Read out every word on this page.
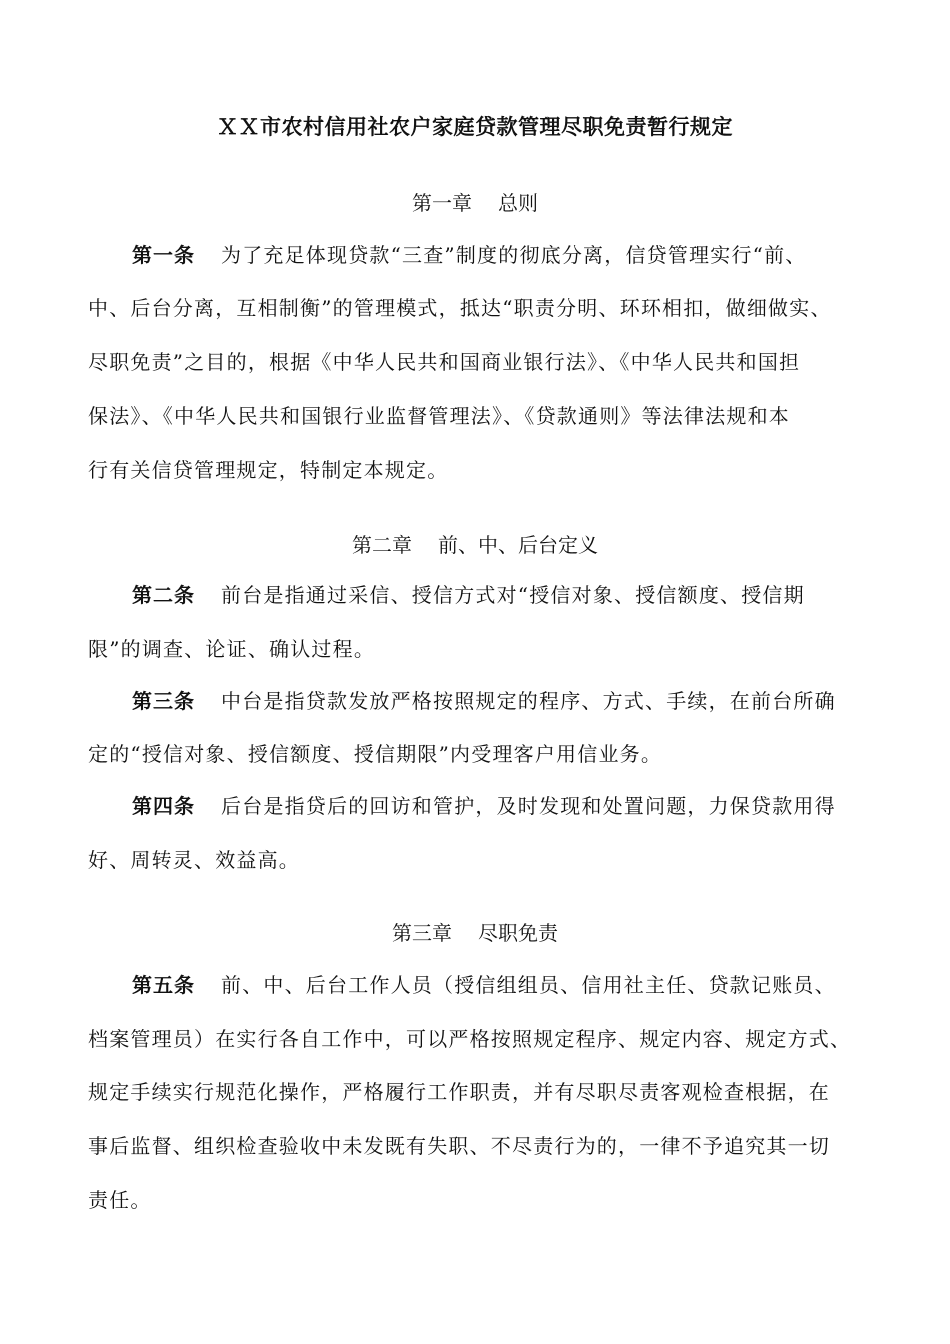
ＸＸ市农村信用社农户家庭贷款管理尽职免责暂行规定
第一章 总则
第一条 为了充足体现贷款“三查”制度的彻底分离，信贷管理实行“前、
中、后台分离，互相制衡”的管理模式，抵达“职责分明、环环相扣，做细做实、
尽职免责”之目的，根据《中华人民共和国商业银行法》、《中华人民共和国担
保法》、《中华人民共和国银行业监督管理法》、《贷款通则》等法律法规和本
行有关信贷管理规定，特制定本规定。
第二章 前、中、后台定义
第二条 前台是指通过采信、授信方式对“授信对象、授信额度、授信期
限”的调查、论证、确认过程。
第三条 中台是指贷款发放严格按照规定的程序、方式、手续，在前台所确
定的“授信对象、授信额度、授信期限”内受理客户用信业务。
第四条 后台是指贷后的回访和管护，及时发现和处置问题，力保贷款用得
好、周转灵、效益高。
第三章 尽职免责
第五条 前、中、后台工作人员（授信组组员、信用社主任、贷款记账员、
档案管理员）在实行各自工作中，可以严格按照规定程序、规定内容、规定方式、
规定手续实行规范化操作，严格履行工作职责，并有尽职尽责客观检查根据，在
事后监督、组织检查验收中未发既有失职、不尽责行为的，一律不予追究其一切
责任。
